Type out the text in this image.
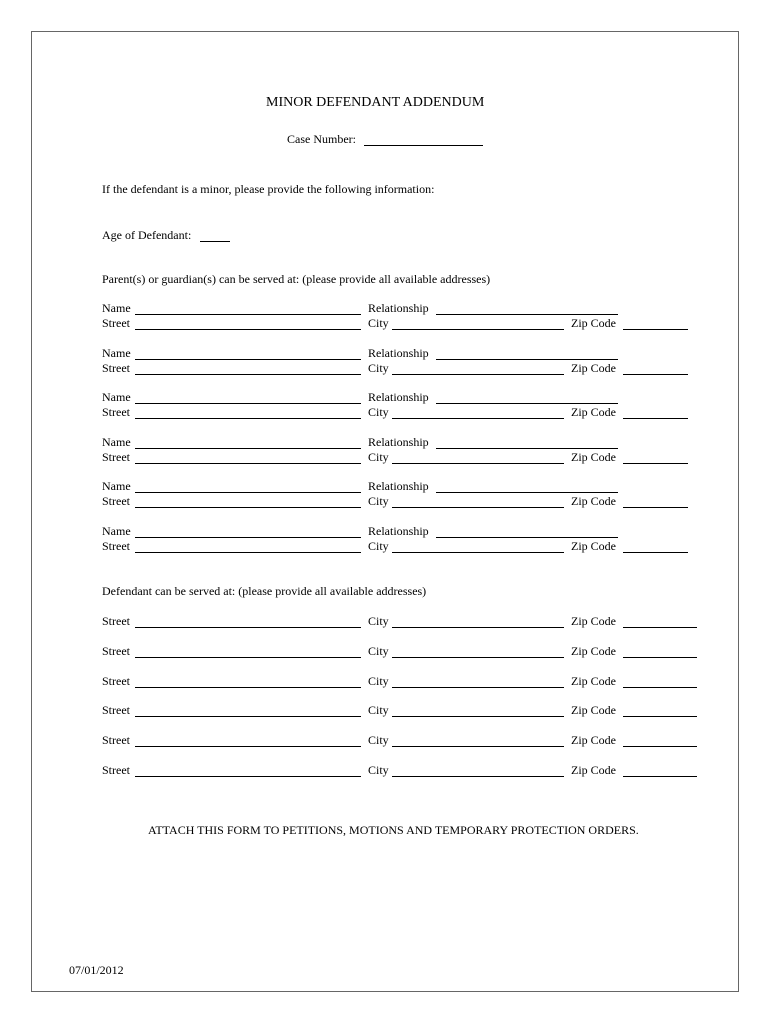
MINOR DEFENDANT ADDENDUM
Case Number:
If the defendant is a minor, please provide the following information:
Age of Defendant:
Parent(s) or guardian(s) can be served at: (please provide all available addresses)
Name	Relationship
Street	City	Zip Code
Name	Relationship
Street	City	Zip Code
Name	Relationship
Street	City	Zip Code
Name	Relationship
Street	City	Zip Code
Name	Relationship
Street	City	Zip Code
Name	Relationship
Street	City	Zip Code
Defendant can be served at: (please provide all available addresses)
Street	City	Zip Code
Street	City	Zip Code
Street	City	Zip Code
Street	City	Zip Code
Street	City	Zip Code
Street	City	Zip Code
ATTACH THIS FORM TO PETITIONS, MOTIONS AND TEMPORARY PROTECTION ORDERS.
07/01/2012
